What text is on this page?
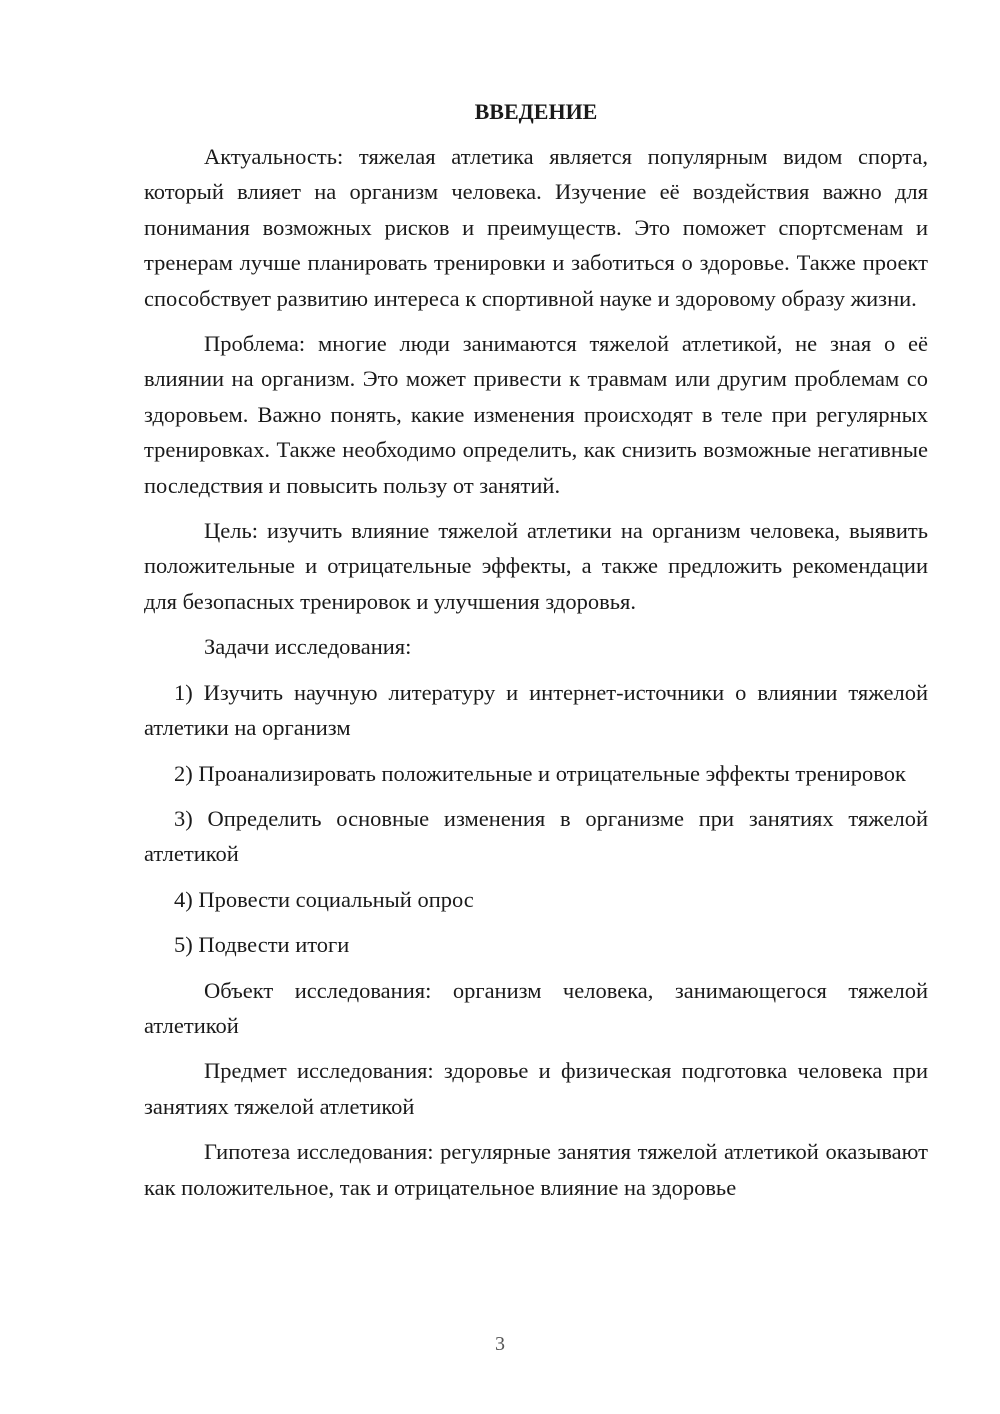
ВВЕДЕНИЕ

Актуальность: тяжелая атлетика является популярным видом спорта, который влияет на организм человека. Изучение её воздействия важно для понимания возможных рисков и преимуществ. Это поможет спортсменам и тренерам лучше планировать тренировки и заботиться о здоровье. Также проект способствует развитию интереса к спортивной науке и здоровому образу жизни.

Проблема: многие люди занимаются тяжелой атлетикой, не зная о её влиянии на организм. Это может привести к травмам или другим проблемам со здоровьем. Важно понять, какие изменения происходят в теле при регулярных тренировках. Также необходимо определить, как снизить возможные негативные последствия и повысить пользу от занятий.

Цель: изучить влияние тяжелой атлетики на организм человека, выявить положительные и отрицательные эффекты, а также предложить рекомендации для безопасных тренировок и улучшения здоровья.

Задачи исследования:

1) Изучить научную литературу и интернет-источники о влиянии тяжелой атлетики на организм

2) Проанализировать положительные и отрицательные эффекты тренировок

3) Определить основные изменения в организме при занятиях тяжелой атлетикой

4) Провести социальный опрос

5) Подвести итоги

Объект исследования: организм человека, занимающегося тяжелой атлетикой

Предмет исследования: здоровье и физическая подготовка человека при занятиях тяжелой атлетикой

Гипотеза исследования: регулярные занятия тяжелой атлетикой оказывают как положительное, так и отрицательное влияние на здоровье

3
